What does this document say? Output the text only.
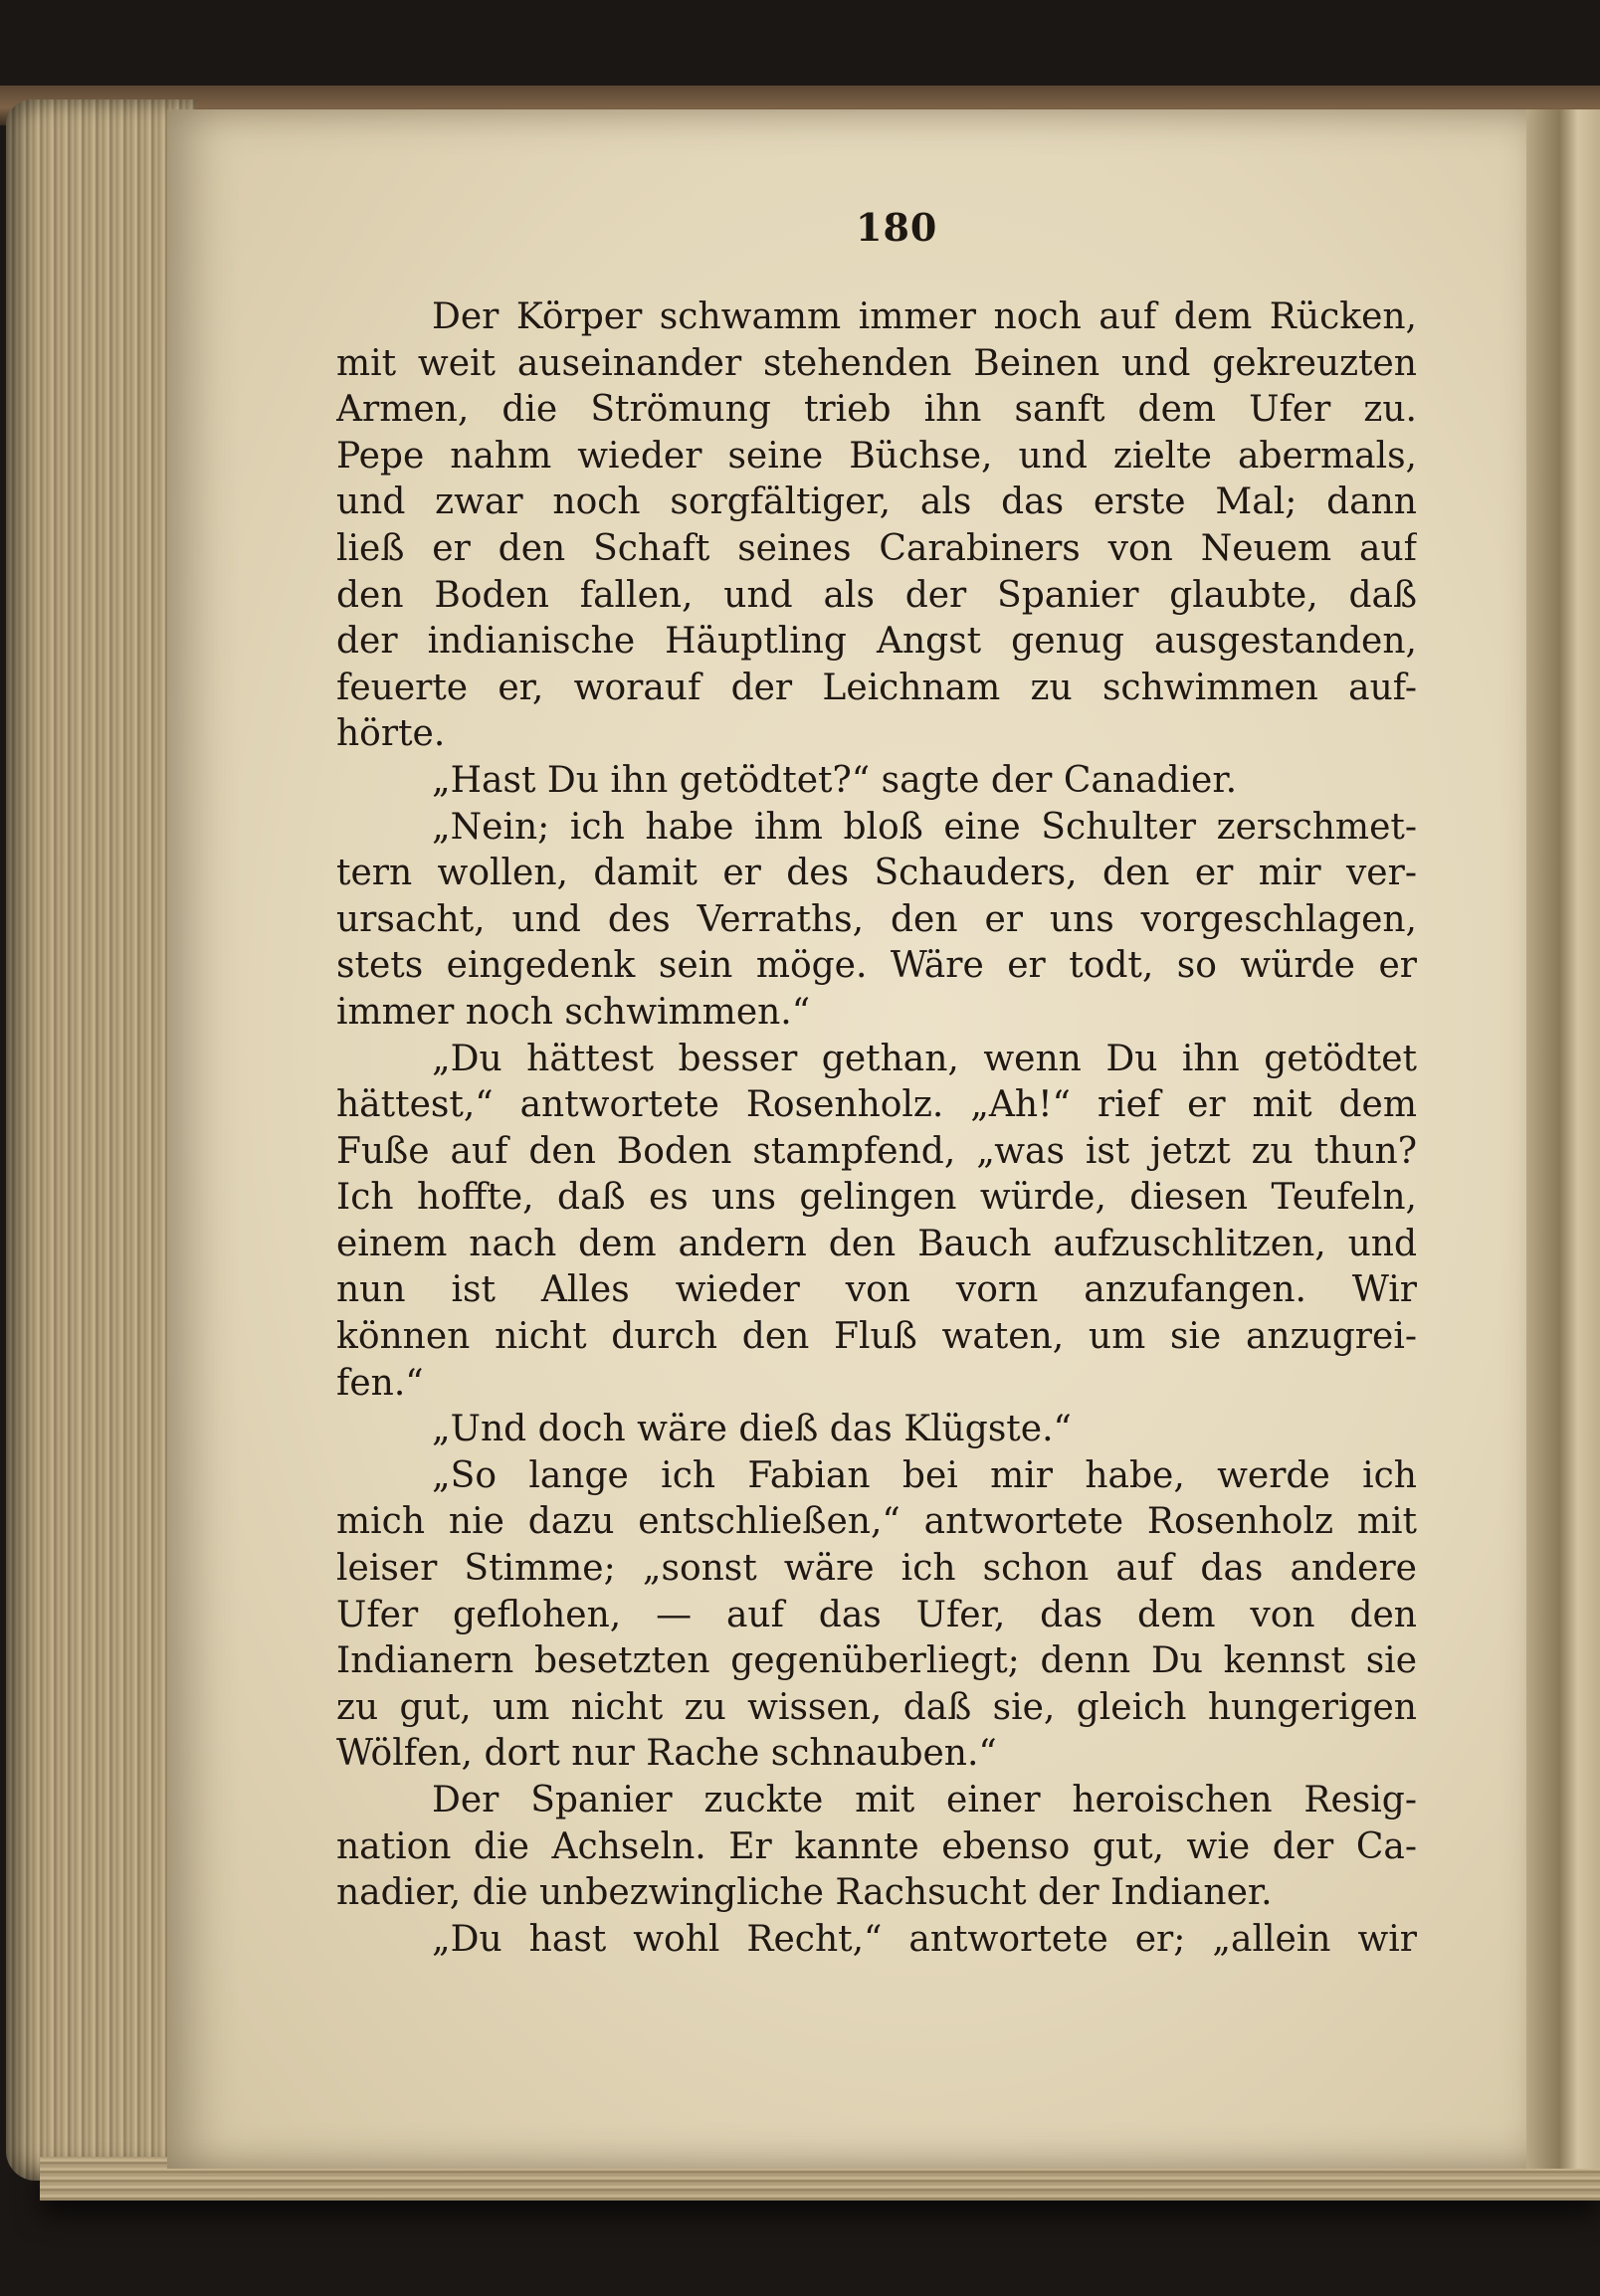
180
Der Körper schwamm immer noch auf dem Rücken,
mit weit auseinander stehenden Beinen und gekreuzten
Armen, die Strömung trieb ihn sanft dem Ufer zu.
Pepe nahm wieder seine Büchse, und zielte abermals,
und zwar noch sorgfältiger, als das erste Mal; dann
ließ er den Schaft seines Carabiners von Neuem auf
den Boden fallen, und als der Spanier glaubte, daß
der indianische Häuptling Angst genug ausgestanden,
feuerte er, worauf der Leichnam zu schwimmen auf-
hörte.
„Hast Du ihn getödtet?“ sagte der Canadier.
„Nein; ich habe ihm bloß eine Schulter zerschmet-
tern wollen, damit er des Schauders, den er mir ver-
ursacht, und des Verraths, den er uns vorgeschlagen,
stets eingedenk sein möge. Wäre er todt, so würde er
immer noch schwimmen.“
„Du hättest besser gethan, wenn Du ihn getödtet
hättest,“ antwortete Rosenholz. „Ah!“ rief er mit dem
Fuße auf den Boden stampfend, „was ist jetzt zu thun?
Ich hoffte, daß es uns gelingen würde, diesen Teufeln,
einem nach dem andern den Bauch aufzuschlitzen, und
nun ist Alles wieder von vorn anzufangen. Wir
können nicht durch den Fluß waten, um sie anzugrei-
fen.“
„Und doch wäre dieß das Klügste.“
„So lange ich Fabian bei mir habe, werde ich
mich nie dazu entschließen,“ antwortete Rosenholz mit
leiser Stimme; „sonst wäre ich schon auf das andere
Ufer geflohen, — auf das Ufer, das dem von den
Indianern besetzten gegenüberliegt; denn Du kennst sie
zu gut, um nicht zu wissen, daß sie, gleich hungerigen
Wölfen, dort nur Rache schnauben.“
Der Spanier zuckte mit einer heroischen Resig-
nation die Achseln. Er kannte ebenso gut, wie der Ca-
nadier, die unbezwingliche Rachsucht der Indianer.
„Du hast wohl Recht,“ antwortete er; „allein wir
